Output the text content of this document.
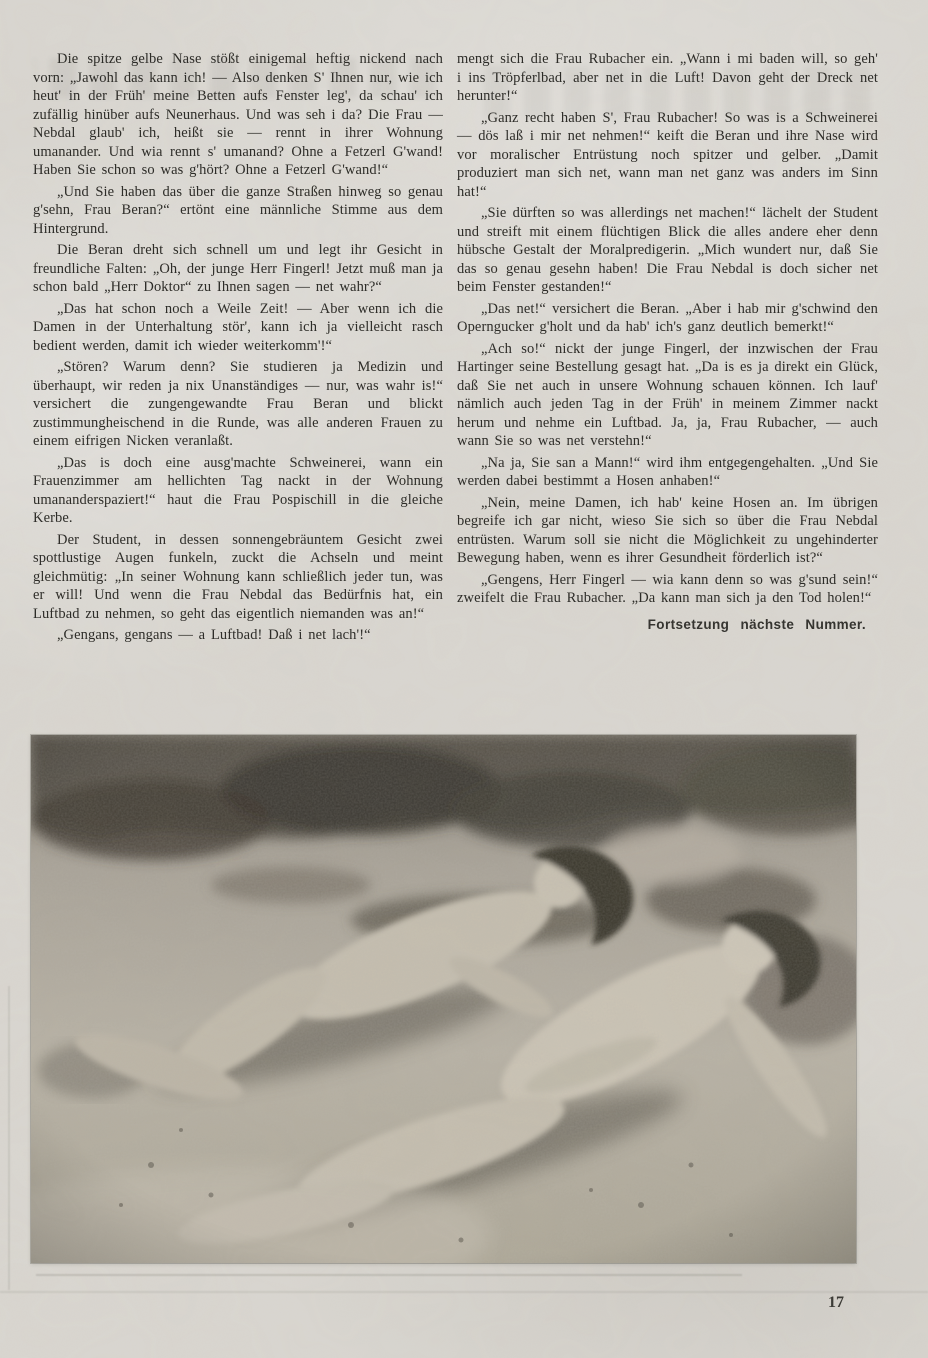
Die spitze gelbe Nase stößt einigemal heftig nickend nach vorn: „Jawohl das kann ich! — Also denken S' Ihnen nur, wie ich heut' in der Früh' meine Betten aufs Fenster leg', da schau' ich zufällig hinüber aufs Neunerhaus. Und was seh i da? Die Frau — Nebdal glaub' ich, heißt sie — rennt in ihrer Wohnung umanander. Und wia rennt s' umanand? Ohne a Fetzerl G'wand! Haben Sie schon so was g'hört? Ohne a Fetzerl G'wand!“

„Und Sie haben das über die ganze Straßen hinweg so genau g'sehn, Frau Beran?“ ertönt eine männliche Stimme aus dem Hintergrund.

Die Beran dreht sich schnell um und legt ihr Gesicht in freundliche Falten: „Oh, der junge Herr Fingerl! Jetzt muß man ja schon bald „Herr Doktor“ zu Ihnen sagen — net wahr?“

„Das hat schon noch a Weile Zeit! — Aber wenn ich die Damen in der Unterhaltung stör', kann ich ja vielleicht rasch bedient werden, damit ich wieder weiterkomm'!“

„Stören? Warum denn? Sie studieren ja Medizin und überhaupt, wir reden ja nix Unanständiges — nur, was wahr is!“ versichert die zungengewandte Frau Beran und blickt zustimmungheischend in die Runde, was alle anderen Frauen zu einem eifrigen Nicken veranlaßt.

„Das is doch eine ausg'machte Schweinerei, wann ein Frauenzimmer am hellichten Tag nackt in der Wohnung umananderspaziert!“ haut die Frau Pospischill in die gleiche Kerbe.

Der Student, in dessen sonnengebräuntem Gesicht zwei spottlustige Augen funkeln, zuckt die Achseln und meint gleichmütig: „In seiner Wohnung kann schließlich jeder tun, was er will! Und wenn die Frau Nebdal das Bedürfnis hat, ein Luftbad zu nehmen, so geht das eigentlich niemanden was an!“

„Gengans, gengans — a Luftbad! Daß i net lach'!“

mengt sich die Frau Rubacher ein. „Wann i mi baden will, so geh' i ins Tröpferlbad, aber net in die Luft! Davon geht der Dreck net herunter!“

„Ganz recht haben S', Frau Rubacher! So was is a Schweinerei — dös laß i mir net nehmen!“ keift die Beran und ihre Nase wird vor moralischer Entrüstung noch spitzer und gelber. „Damit produziert man sich net, wann man net ganz was anders im Sinn hat!“

„Sie dürften so was allerdings net machen!“ lächelt der Student und streift mit einem flüchtigen Blick die alles andere eher denn hübsche Gestalt der Moralpredigerin. „Mich wundert nur, daß Sie das so genau gesehn haben! Die Frau Nebdal is doch sicher net beim Fenster gestanden!“

„Das net!“ versichert die Beran. „Aber i hab mir g'schwind den Operngucker g'holt und da hab' ich's ganz deutlich bemerkt!“

„Ach so!“ nickt der junge Fingerl, der inzwischen der Frau Hartinger seine Bestellung gesagt hat. „Da is es ja direkt ein Glück, daß Sie net auch in unsere Wohnung schauen können. Ich lauf' nämlich auch jeden Tag in der Früh' in meinem Zimmer nackt herum und nehme ein Luftbad. Ja, ja, Frau Rubacher, — auch wann Sie so was net verstehn!“

„Na ja, Sie san a Mann!“ wird ihm entgegengehalten. „Und Sie werden dabei bestimmt a Hosen anhaben!“

„Nein, meine Damen, ich hab' keine Hosen an. Im übrigen begreife ich gar nicht, wieso Sie sich so über die Frau Nebdal entrüsten. Warum soll sie nicht die Möglichkeit zu ungehinderter Bewegung haben, wenn es ihrer Gesundheit förderlich ist?“

„Gengens, Herr Fingerl — wia kann denn so was g'sund sein!“ zweifelt die Frau Rubacher. „Da kann man sich ja den Tod holen!“

Fortsetzung nächste Nummer.
17
